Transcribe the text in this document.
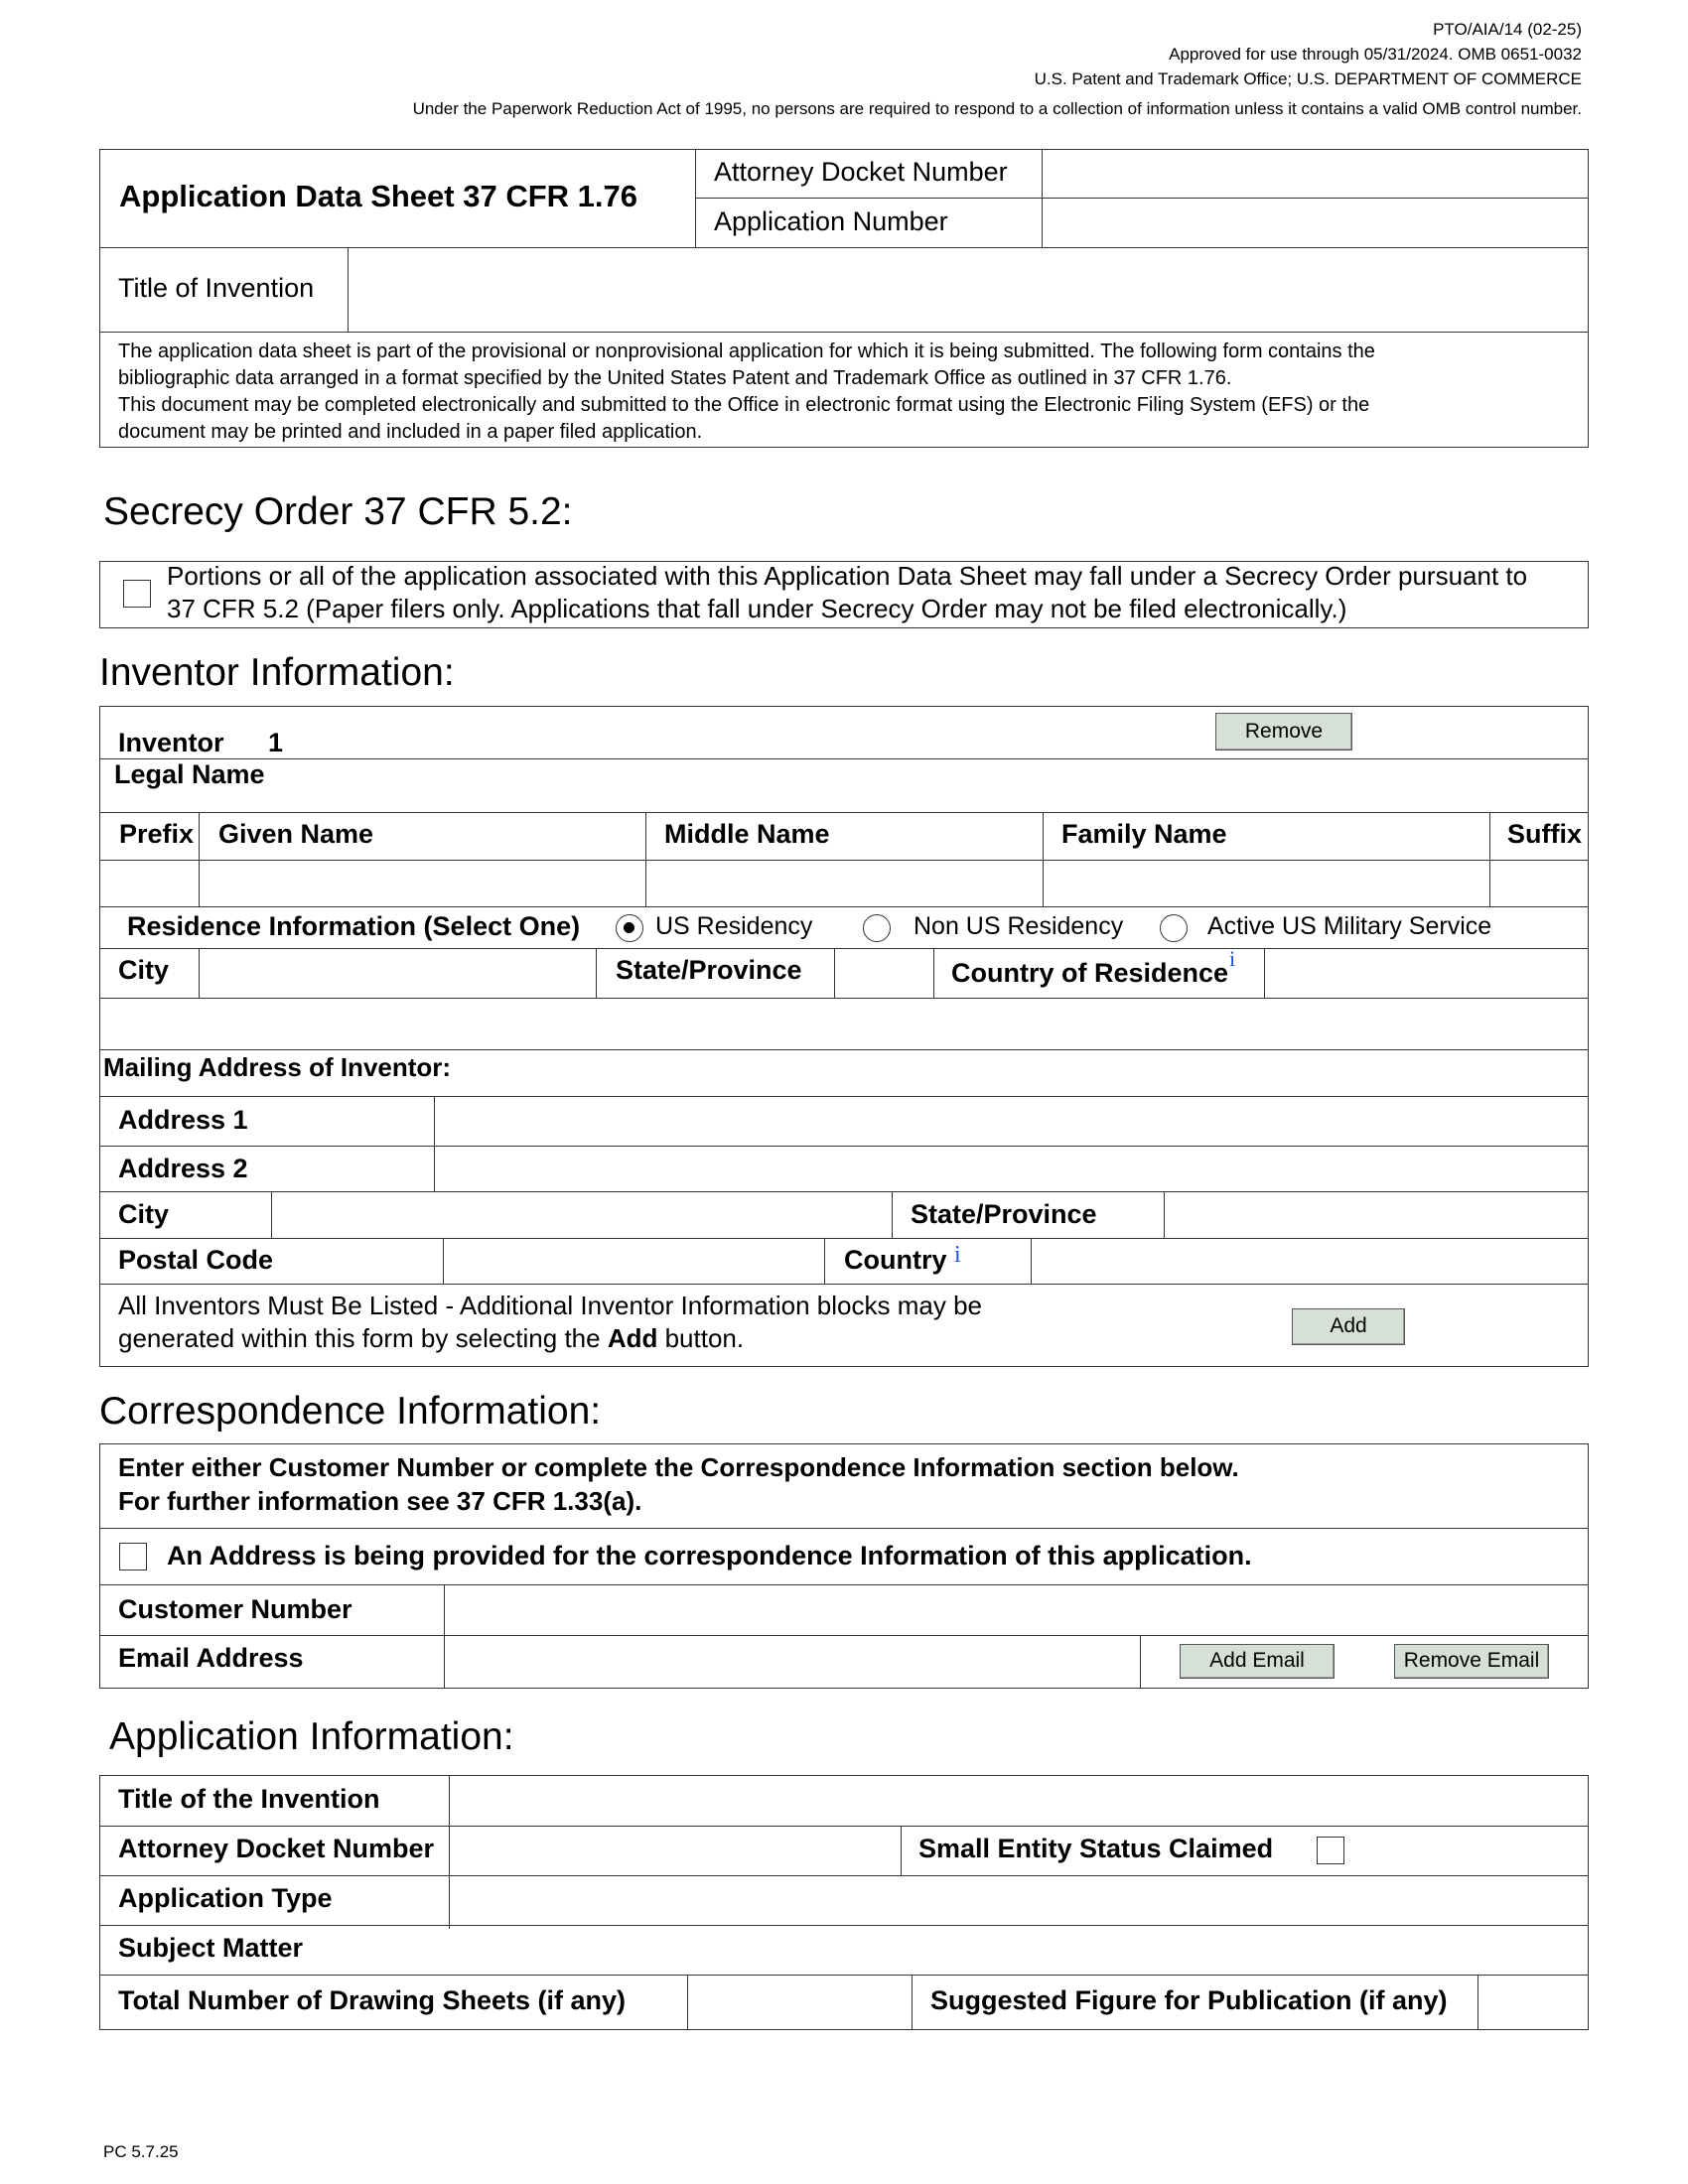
PTO/AIA/14 (02-25)
Approved for use through 05/31/2024. OMB 0651-0032
U.S. Patent and Trademark Office; U.S. DEPARTMENT OF COMMERCE
Under the Paperwork Reduction Act of 1995, no persons are required to respond to a collection of information unless it contains a valid OMB control number.
Application Data Sheet 37 CFR 1.76
Attorney Docket Number
Application Number
Title of Invention
The application data sheet is part of the provisional or nonprovisional application for which it is being submitted. The following form contains the
bibliographic data arranged in a format specified by the United States Patent and Trademark Office as outlined in 37 CFR 1.76.
This document may be completed electronically and submitted to the Office in electronic format using the Electronic Filing System (EFS) or the
document may be printed and included in a paper filed application.
Secrecy Order 37 CFR 5.2:
Portions or all of the application associated with this Application Data Sheet may fall under a Secrecy Order pursuant to
37 CFR 5.2 (Paper filers only. Applications that fall under Secrecy Order may not be filed electronically.)
Inventor Information:
Inventor 1	Remove
Legal Name
Prefix Given Name	Middle Name	Family Name	Suffix
Residence Information (Select One)	US Residency	Non US Residency	Active US Military Service
City	State/Province	Country of Residence i
Mailing Address of Inventor:
Address 1
Address 2
City	State/Province
Postal Code	Country i
All Inventors Must Be Listed - Additional Inventor Information blocks may be
generated within this form by selecting the Add button.	Add
Correspondence Information:
Enter either Customer Number or complete the Correspondence Information section below.
For further information see 37 CFR 1.33(a).
An Address is being provided for the correspondence Information of this application.
Customer Number
Email Address	Add Email	Remove Email
Application Information:
Title of the Invention
Attorney Docket Number	Small Entity Status Claimed
Application Type
Subject Matter
Total Number of Drawing Sheets (if any)	Suggested Figure for Publication (if any)
PC 5.7.25
